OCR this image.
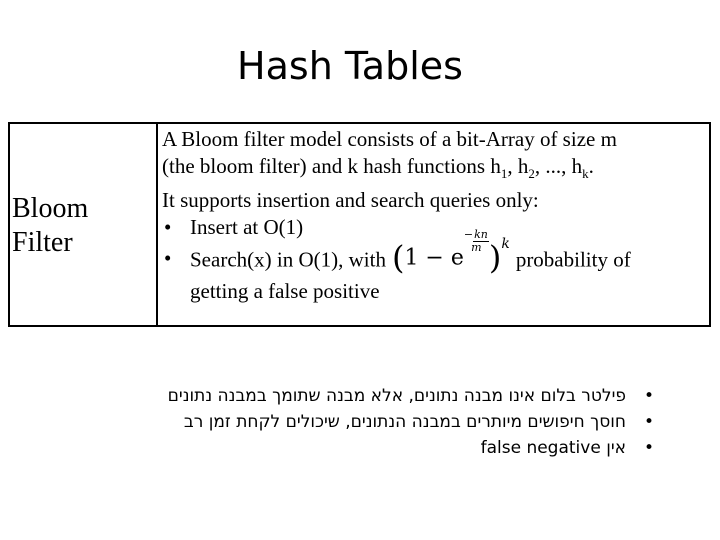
Hash Tables
Bloom
Filter

A Bloom filter model consists of a bit-Array of size m

(the bloom filter) and k hash functions $h_1$, $h_2$, ..., $h_k$.

It supports insertion and search queries only:

• Insert at O(1)
• Search(x) in O(1), with (1 − e−kn
m )$^k$probability of
getting a false positive
•
פילטר בלום אינו מבנה נתונים, אלא מבנה שתומך במבנה נתונים
•
חוסך חיפושים מיותרים במבנה הנתונים, שיכולים לקחת זמן רב
•
אין false negative
